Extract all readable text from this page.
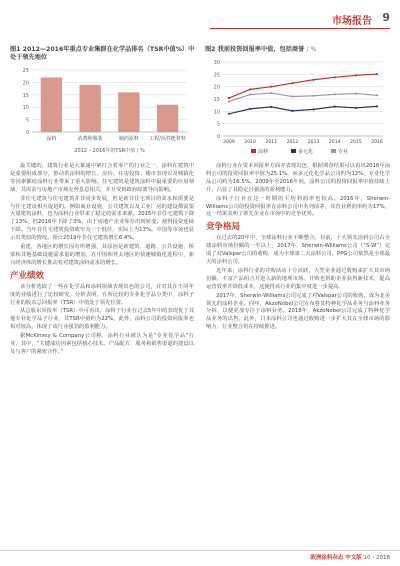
市场报告 9
图1 2012—2016年重点专业集群在化学品排名（TSR中值%）中处于领先地位
0
5
10
15
20
25
涂料	消费和服装	制药原料 工程/高性能材料
2012 – 2016年的TSR中值 / %
图2 我前投资回报率中值，包括商誉 / %
0
5
10
15
20
25
30
2009 2010 2011 2012 2013 2014 2015 2016
涂料	多元化	专业

最关键的，建筑行业是大幕递中紧打合着零产的行业之一，涂料在建筑中是重要组成部分，推动着涂料的增长。房价、住房投资、楼市表现以及城镇化等因素都给涂料行业带来了重大影响。住宅建筑是建筑涂料中最重要的应用领域，其需求与房地产市场走势息息相关，并且受到政府政策导向影响。

非住宅建筑与住宅建筑并非同步发展，但是新非住宅项目的需求和需要是与住宅建设相互促进的。例如商业设施、公共建筑以及工业厂房的建设都需要大量建筑涂料，也为涂料行业带来了稳定的需求来源。2015年非住宅建筑下降了13%，但2016年下降了3%。由于房地产企业库存出现转变，使得投资连续下降。当年非住宅建筑投资收窄为一个低位，实际上为13%。中国等市场也显示出类似的情况。预计2019年非住宅建筑增长6.4%。

重建，各地区的增长因有所增强，其原因是新建筑、道路、公共设施、桥梁和其他基础设施需求量的增加，在中国和亚太地区的快速城镇化进程中，新兴经济体的增长推动着对建筑涂料需求的增长。

产业绩效

该分析选取了一些在化学品和涂料领域表现出色的公司，并对其在不同年度的业绩进行了比较研究。分析表明，在所比较的专业化学品分类中，涂料子行业的股东总回报率（TSR）中值处于领先位置。

从总股东回报率（TSR）中可看出，涂料子行业在过去5年中的表现优于其他专业化学品子行业，其TSR中值约为22%。此外，涂料公司的投资回报率也相对较高，体现了该行业强劲的盈利能力。

据McKinsey & Company公司称，涂料行业被认为是“专业化学品”行业，其中，“关键成功因素包括核心技术、产品配方、服务和销售渠道的建设以及与客户的紧密合作。”

涂料行业在资本回报率方面亦表现出色，根据调查结果可以看出2016年涂料公司的投资回报率中值为25.1%，而多元化化学品公司约为12%，专业化学品公司约为16.5%。2009年至2016年间，涂料公司的投资回报率中值持续上升，凸显了其稳定且强劲的盈利能力。

涂料子行业在这一时期的平均利润率也较高。2016年，Sherwin-Williams公司的投资回报率在涂料公司中名列前茅，其营业利润率约为17%，这一结果表明了领先企业在市场中的竞争优势。

竞争格局

在过去的20年中，全球涂料行业不断整合。目前，十大领先涂料公司占全球涂料市场份额的一半以上。2017年，Sherwin-Williams公司（“S-W”）完成了对Valspar公司的收购，成为全球第二大涂料公司。PPG公司依然是全球最大的涂料公司。

近年来，涂料行业的并购活动十分活跃，大型企业通过收购来扩大其市场份额、丰富产品组合并进入新的地理市场。并购也帮助企业获得新技术，提高运营效率并降低成本，这使得该行业的集中度进一步提高。

2017年，Sherwin-Williams公司完成了对Valspar公司的收购，成为北美领先的涂料企业。同年，AkzoNobel公司宣布将其特种化学品业务与涂料业务分拆，以便更加专注于涂料业务。2018年，AkzoNobel公司完成了特种化学品业务的出售。此外，日本涂料公司也通过收购进一步扩大其在全球市场的影响力，行业整合仍在持续推进。

欧洲涂料杂志 中文版 10・2018
